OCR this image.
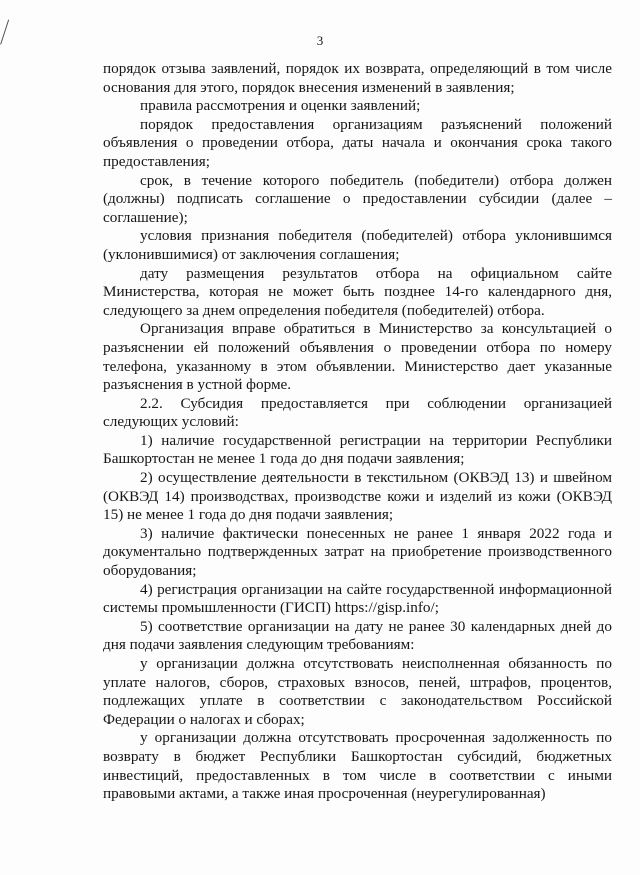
3

порядок отзыва заявлений, порядок их возврата, определяющий в том числе основания для этого, порядок внесения изменений в заявления;

правила рассмотрения и оценки заявлений;

порядок предоставления организациям разъяснений положений объявления о проведении отбора, даты начала и окончания срока такого предоставления;

срок, в течение которого победитель (победители) отбора должен (должны) подписать соглашение о предоставлении субсидии (далее – соглашение);

условия признания победителя (победителей) отбора уклонившимся (уклонившимися) от заключения соглашения;

дату размещения результатов отбора на официальном сайте Министерства, которая не может быть позднее 14-го календарного дня, следующего за днем определения победителя (победителей) отбора.

Организация вправе обратиться в Министерство за консультацией о разъяснении ей положений объявления о проведении отбора по номеру телефона, указанному в этом объявлении. Министерство дает указанные разъяснения в устной форме.

2.2. Субсидия предоставляется при соблюдении организацией следующих условий:

1) наличие государственной регистрации на территории Республики Башкортостан не менее 1 года до дня подачи заявления;

2) осуществление деятельности в текстильном (ОКВЭД 13) и швейном (ОКВЭД 14) производствах, производстве кожи и изделий из кожи (ОКВЭД 15) не менее 1 года до дня подачи заявления;

3) наличие фактически понесенных не ранее 1 января 2022 года и документально подтвержденных затрат на приобретение производственного оборудования;

4) регистрация организации на сайте государственной информационной системы промышленности (ГИСП) https://gisp.info/;

5) соответствие организации на дату не ранее 30 календарных дней до дня подачи заявления следующим требованиям:

у организации должна отсутствовать неисполненная обязанность по уплате налогов, сборов, страховых взносов, пеней, штрафов, процентов, подлежащих уплате в соответствии с законодательством Российской Федерации о налогах и сборах;

у организации должна отсутствовать просроченная задолженность по возврату в бюджет Республики Башкортостан субсидий, бюджетных инвестиций, предоставленных в том числе в соответствии с иными правовыми актами, а также иная просроченная (неурегулированная)
